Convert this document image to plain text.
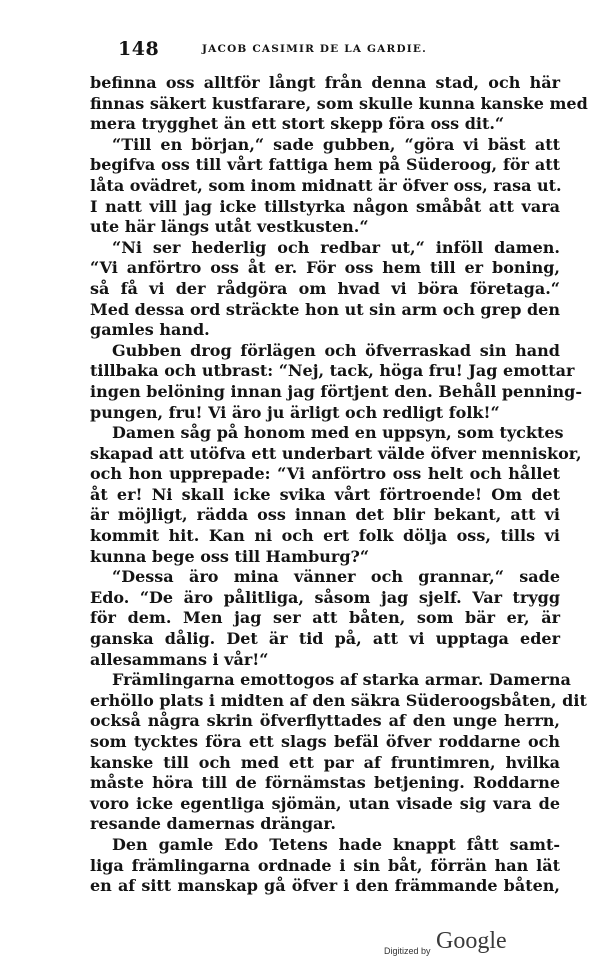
148	JACOB CASIMIR DE LA GARDIE.
befinna oss alltför långt från denna stad, och här
finnas säkert kustfarare, som skulle kunna kanske med
mera trygghet än ett stort skepp föra oss dit.“
“Till en början,“ sade gubben, “göra vi bäst att
begifva oss till vårt fattiga hem på Süderoog, för att
låta ovädret, som inom midnatt är öfver oss, rasa ut.
I natt vill jag icke tillstyrka någon småbåt att vara
ute här längs utåt vestkusten.“
“Ni ser hederlig och redbar ut,“ inföll damen.
“Vi anförtro oss åt er. För oss hem till er boning,
så få vi der rådgöra om hvad vi böra företaga.“
Med dessa ord sträckte hon ut sin arm och grep den
gamles hand.
Gubben drog förlägen och öfverraskad sin hand
tillbaka och utbrast: “Nej, tack, höga fru! Jag emottar
ingen belöning innan jag förtjent den. Behåll penning-
pungen, fru! Vi äro ju ärligt och redligt folk!“
Damen såg på honom med en uppsyn, som tycktes
skapad att utöfva ett underbart välde öfver menniskor,
och hon upprepade: “Vi anförtro oss helt och hållet
åt er! Ni skall icke svika vårt förtroende! Om det
är möjligt, rädda oss innan det blir bekant, att vi
kommit hit. Kan ni och ert folk dölja oss, tills vi
kunna bege oss till Hamburg?“
“Dessa äro mina vänner och grannar,“ sade
Edo. “De äro pålitliga, såsom jag sjelf. Var trygg
för dem. Men jag ser att båten, som bär er, är
ganska dålig. Det är tid på, att vi upptaga eder
allesammans i vår!“
Främlingarna emottogos af starka armar. Damerna
erhöllo plats i midten af den säkra Süderoogsbåten, dit
också några skrin öfverflyttades af den unge herrn,
som tycktes föra ett slags befäl öfver roddarne och
kanske till och med ett par af fruntimren, hvilka
måste höra till de förnämstas betjening. Roddarne
voro icke egentliga sjömän, utan visade sig vara de
resande damernas drängar.
Den gamle Edo Tetens hade knappt fått samt-
liga främlingarna ordnade i sin båt, förrän han lät
en af sitt manskap gå öfver i den främmande båten,
Digitized by Google
